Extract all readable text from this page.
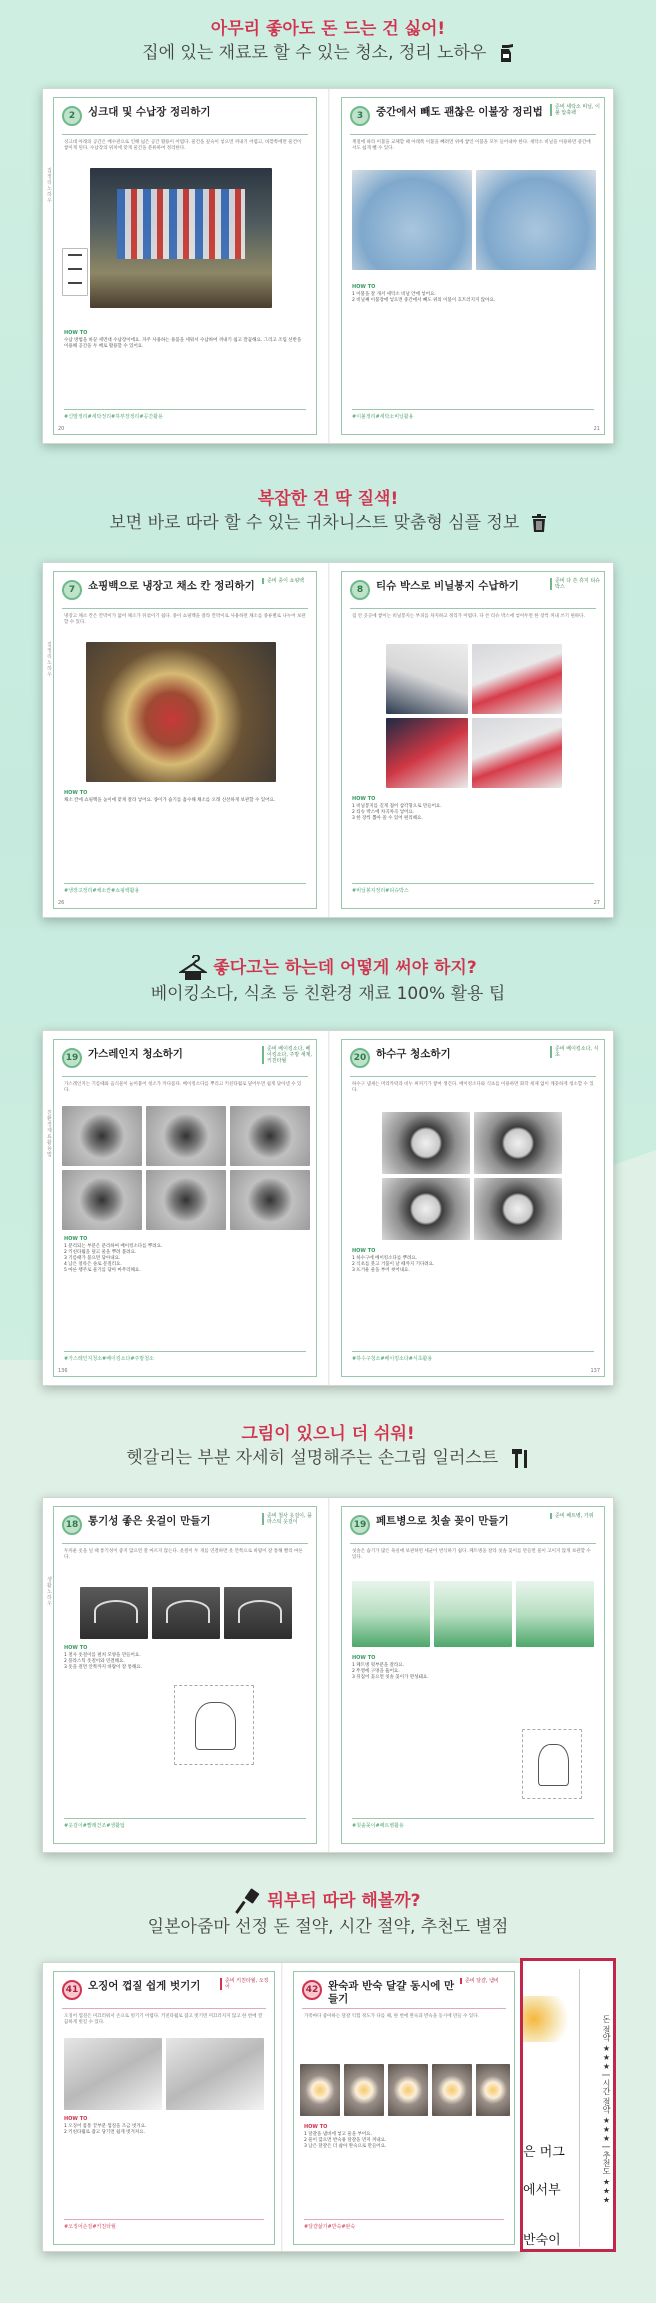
아무리 좋아도 돈 드는 건 싫어!
집에 있는 재료로 할 수 있는 청소, 정리 노하우
2	싱크대 및 수납장 정리하기
집 정리 노하우
싱크대 아래의 공간은 배수관으로 인해 넓은 공간 활용이 어렵다. 물건을 깊숙이 넣으면 꺼내기 어렵고, 바깥쪽에만 물건이 쌓이게 된다. 수납장의 위치에 맞게 물건을 분류하여 정리한다.
HOW TO
수납 방법을 바꾼 세면대 수납장이에요. 자주 사용하는 용품을 세워서 수납하여 꺼내기 쉽고 깔끔해요. 그리고 조립 선반을 이용해 공간을 두 배로 활용할 수 있어요.
#신발정리#세탁정리#하부장정리#공간활용
20
3	중간에서 빼도 괜찮은 이불장 정리법	준비 세탁소 비닐, 이불 압축팩
계절에 따라 이불을 교체할 때 아래쪽 이불을 빼려면 위에 쌓인 이불을 모두 들어내야 한다. 세탁소 비닐을 이용하면 중간에서도 쉽게 뺄 수 있다.
HOW TO
1 이불을 잘 개서 세탁소 비닐 안에 넣어요.
2 비닐째 이불장에 넣으면 중간에서 빼도 위의 이불이 흐트러지지 않아요.
#이불정리#세탁소비닐활용
21
복잡한 건 딱 질색!
보면 바로 따라 할 수 있는 귀차니스트 맞춤형 심플 정보
7	쇼핑백으로 냉장고 채소 칸 정리하기	준비 종이 쇼핑백
집 정리 노하우
냉장고 채소 칸은 칸막이가 없어 채소가 뒤섞이기 쉽다. 종이 쇼핑백을 잘라 칸막이로 사용하면 채소를 종류별로 나누어 보관할 수 있다.
HOW TO
채소 칸에 쇼핑백을 높이에 맞게 잘라 넣어요. 종이가 습기를 흡수해 채소를 오래 신선하게 보관할 수 있어요.
#냉장고정리#채소칸#쇼핑백활용
26
8	티슈 박스로 비닐봉지 수납하기	준비 다 쓴 휴지 티슈 박스
집 안 곳곳에 쌓이는 비닐봉지는 부피를 차지하고 정리가 어렵다. 다 쓴 티슈 박스에 넣어두면 한 장씩 꺼내 쓰기 편하다.
HOW TO
1 비닐봉지를 길게 접어 삼각형으로 만들어요.
2 티슈 박스에 차곡차곡 넣어요.
3 한 장씩 뽑아 쓸 수 있어 편리해요.
#비닐봉지정리#티슈박스
27
좋다고는 하는데 어떻게 써야 하지?
베이킹소다, 식초 등 친환경 재료 100% 활용 팁
19 가스레인지 청소하기	준비 베이킹소다, 베이킹소다, 주방 세제, 키친타월
친환경 재료 활용법
가스레인지는 기름때와 음식물이 눌어붙어 청소가 까다롭다. 베이킹소다를 뿌리고 키친타월로 덮어두면 쉽게 닦아낼 수 있다.
HOW TO
1 분리되는 부분은 분리하여 베이킹소다를 뿌려요.
2 키친타월을 덮고 물을 뿌려 불려요.
3 기름때가 불으면 닦아내요.
4 남은 얼룩은 솔로 문질러요.
5 마른 행주로 물기를 닦아 마무리해요.
#가스레인지청소#베이킹소다#주방청소
136
20 하수구 청소하기	준비 베이킹소다, 식초
하수구 냄새는 머리카락과 비누 찌꺼기가 쌓여 생긴다. 베이킹소다와 식초를 이용하면 화학 세제 없이 깨끗하게 청소할 수 있다.
HOW TO
1 하수구에 베이킹소다를 뿌려요.
2 식초를 붓고 거품이 날 때까지 기다려요.
3 뜨거운 물을 부어 씻어내요.
#하수구청소#베이킹소다#식초활용
137
그림이 있으니 더 쉬워!
헷갈리는 부분 자세히 설명해주는 손그림 일러스트
18 통기성 좋은 옷걸이 만들기	준비 철사 옷걸이, 플라스틱 옷걸이
생활 노하우
두꺼운 옷을 널 때 통기성이 좋지 않으면 잘 마르지 않는다. 옷걸이 두 개를 연결하면 옷 안쪽으로 바람이 잘 통해 빨리 마른다.
HOW TO
1 철사 옷걸이를 펼쳐 모양을 만들어요.
2 플라스틱 옷걸이와 연결해요.
3 옷을 걸면 안쪽까지 바람이 잘 통해요.
#옷걸이#빨래건조#생활팁
19 페트병으로 칫솔 꽂이 만들기	준비 페트병, 가위
칫솔은 습기가 많은 욕실에 보관하면 세균이 번식하기 쉽다. 페트병을 잘라 칫솔 꽂이를 만들면 물이 고이지 않게 보관할 수 있다.
HOW TO
1 페트병 윗부분을 잘라요.
2 뚜껑에 구멍을 뚫어요.
3 뒤집어 꽂으면 칫솔 꽂이가 완성돼요.
#칫솔꽂이#페트병활용
뭐부터 따라 해볼까?
일본아줌마 선정 돈 절약, 시간 절약, 추천도 별점
41 오징어 껍질 쉽게 벗기기	준비 키친타월, 오징어
오징어 껍질은 미끄러워서 손으로 벗기기 어렵다. 키친타월로 잡고 벗기면 미끄러지지 않고 한 번에 깔끔하게 벗길 수 있다.
HOW TO
1 오징어 몸통 끝부분 껍질을 조금 벗겨요.
2 키친타월로 잡고 당기면 쉽게 벗겨져요.
#오징어손질#키친타월
42 완숙과 반숙 달걀 동시에 만들기
준비 달걀, 냄비
가족마다 좋아하는 달걀 익힘 정도가 다를 때, 한 번에 완숙과 반숙을 동시에 만들 수 있다.
HOW TO
1 달걀을 냄비에 넣고 물을 부어요.
2 물이 끓으면 반숙용 달걀을 먼저 꺼내요.
3 남은 달걀은 더 삶아 완숙으로 만들어요.
#달걀삶기#반숙#완숙
돈 절약 ★★★ | 시간 절약 ★★★ | 추천도 ★★★
은 머그
에서부
반숙이
